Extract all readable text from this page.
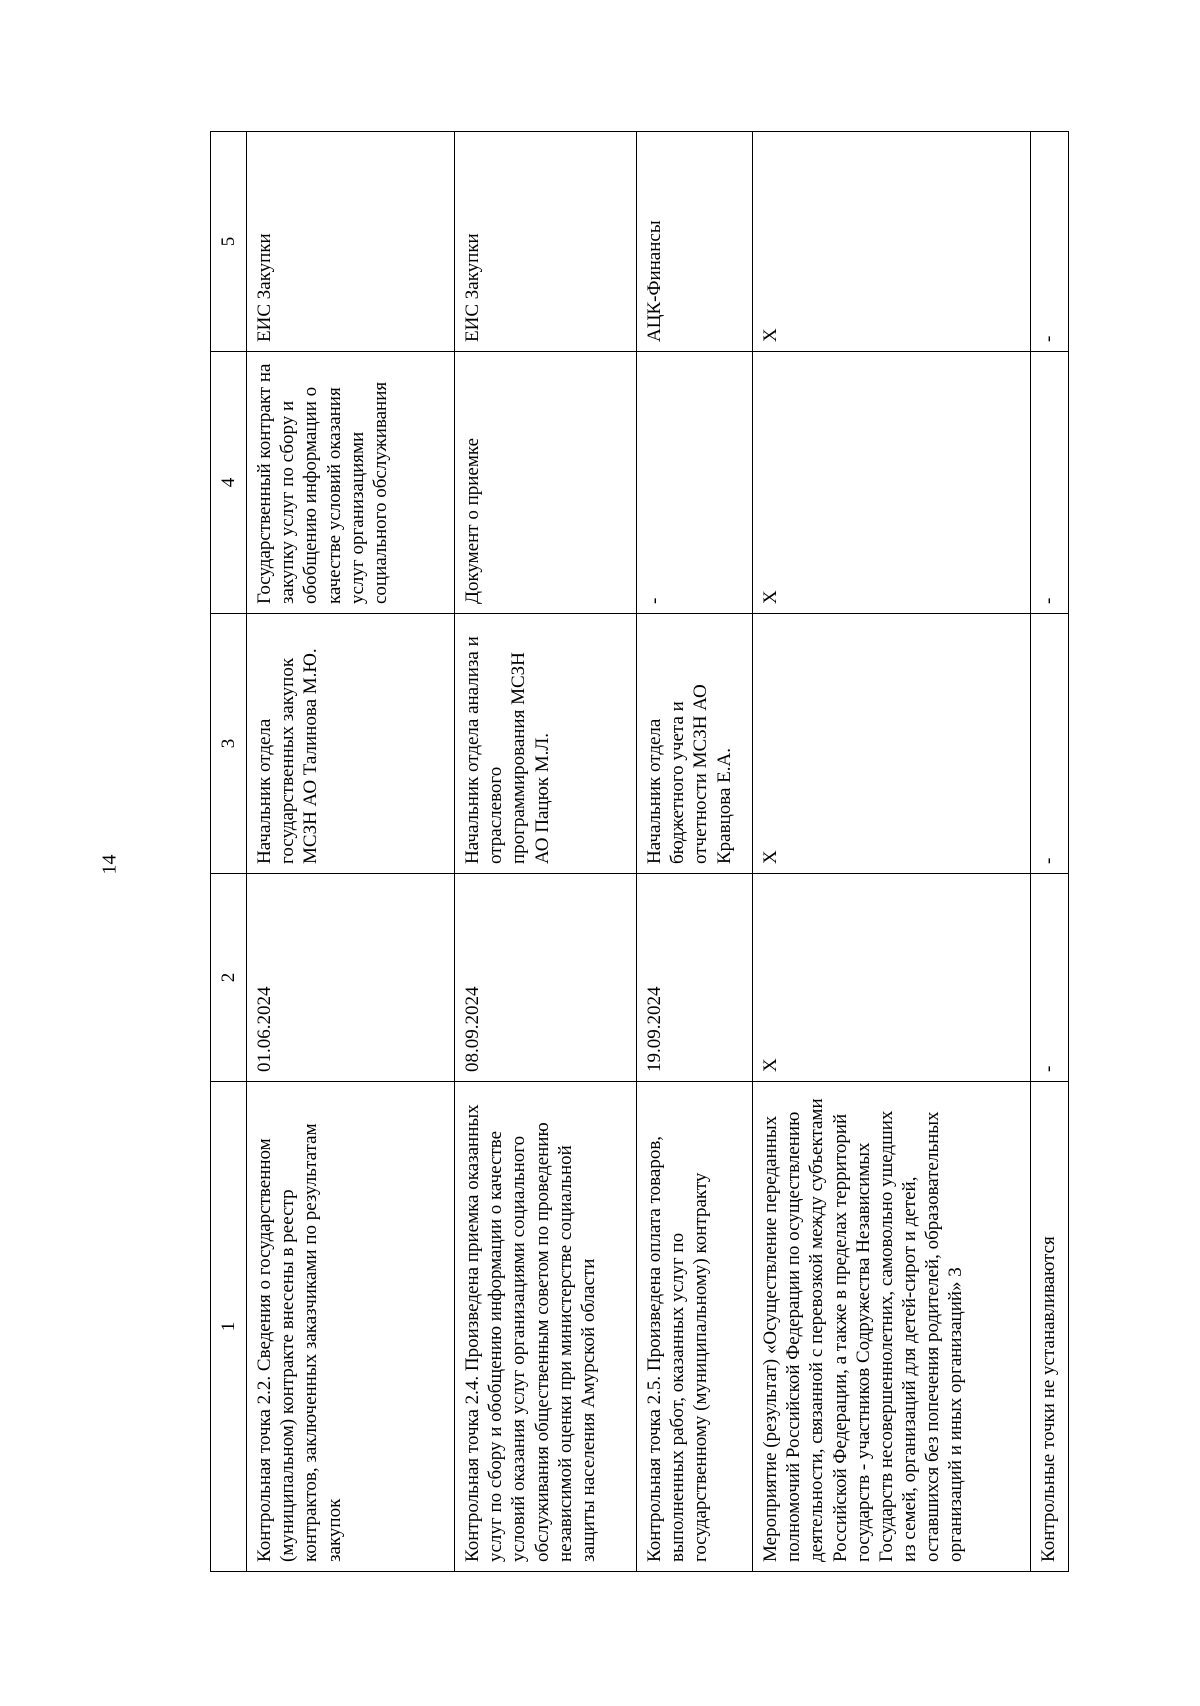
14
1	2	3	4	5
Контрольная точка 2.2. Сведения о государственном (муниципальном) контракте внесены в реестр контрактов, заключенных заказчиками по результатам закупок	01.06.2024	Начальник отдела государственных закупок МСЗН АО Талинова М.Ю.	Государственный контракт на закупку услуг по сбору и обобщению информации о качестве условий оказания услуг организациями социального обслуживания	ЕИС Закупки
Контрольная точка 2.4. Произведена приемка оказанных услуг по сбору и обобщению информации о качестве условий оказания услуг организациями социального обслуживания общественным советом по проведению независимой оценки при министерстве социальной защиты населения Амурской области	08.09.2024	Начальник отдела анализа и отраслевого программирования МСЗН АО Пацюк М.Л.	Документ о приемке	ЕИС Закупки
Контрольная точка 2.5. Произведена оплата товаров, выполненных работ, оказанных услуг по государственному (муниципальному) контракту	19.09.2024	Начальник отдела бюджетного учета и отчетности МСЗН АО Кравцова Е.А.	-	АЦК-Финансы
Мероприятие (результат) «Осуществление переданных полномочий Российской Федерации по осуществлению деятельности, связанной с перевозкой между субъектами Российской Федерации, а также в пределах территорий государств - участников Содружества Независимых Государств несовершеннолетних, самовольно ушедших из семей, организаций для детей-сирот и детей, оставшихся без попечения родителей, образовательных организаций и иных организаций» 3	X	X	X	X
Контрольные точки не устанавливаются	-	-	-	-
